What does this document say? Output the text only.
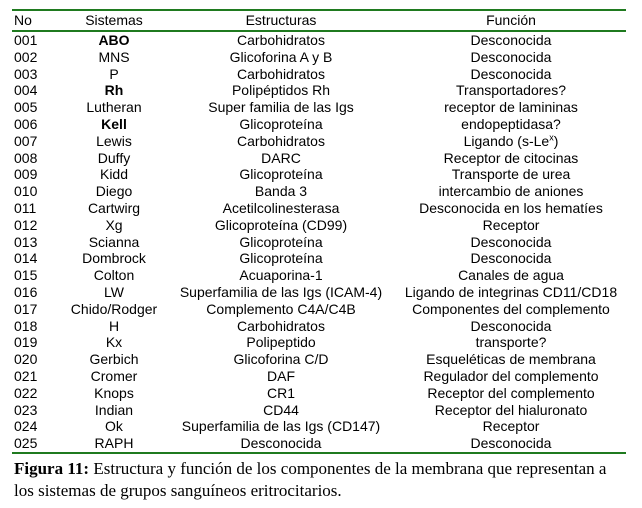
No	Sistemas	Estructuras	Función
001	ABO	Carbohidratos	Desconocida
002	MNS	Glicoforina A y B	Desconocida
003	P	Carbohidratos	Desconocida
004	Rh	Polipéptidos Rh	Transportadores?
005	Lutheran	Super familia de las Igs	receptor de lamininas
006	Kell	Glicoproteína	endopeptidasa?
007	Lewis	Carbohidratos	Ligando (s-Le$^x$)
008	Duffy	DARC	Receptor de citocinas
009	Kidd	Glicoproteína	Transporte de urea
010	Diego	Banda 3	intercambio de aniones
011	Cartwirg	Acetilcolinesterasa	Desconocida en los hematíes
012	Xg	Glicoproteína (CD99)	Receptor
013	Scianna	Glicoproteína	Desconocida
014	Dombrock	Glicoproteína	Desconocida
015	Colton	Acuaporina-1	Canales de agua
016	LW	Superfamilia de las Igs (ICAM-4)	Ligando de integrinas CD11/CD18
017	Chido/Rodger	Complemento C4A/C4B	Componentes del complemento
018	H	Carbohidratos	Desconocida
019	Kx	Polipeptido	transporte?
020	Gerbich	Glicoforina C/D	Esqueléticas de membrana
021	Cromer	DAF	Regulador del complemento
022	Knops	CR1	Receptor del complemento
023	Indian	CD44	Receptor del hialuronato
024	Ok	Superfamilia de las Igs (CD147)	Receptor
025	RAPH	Desconocida	Desconocida
Figura 11: Estructura y función de los componentes de la membrana que representan a los sistemas de grupos sanguíneos eritrocitarios.
